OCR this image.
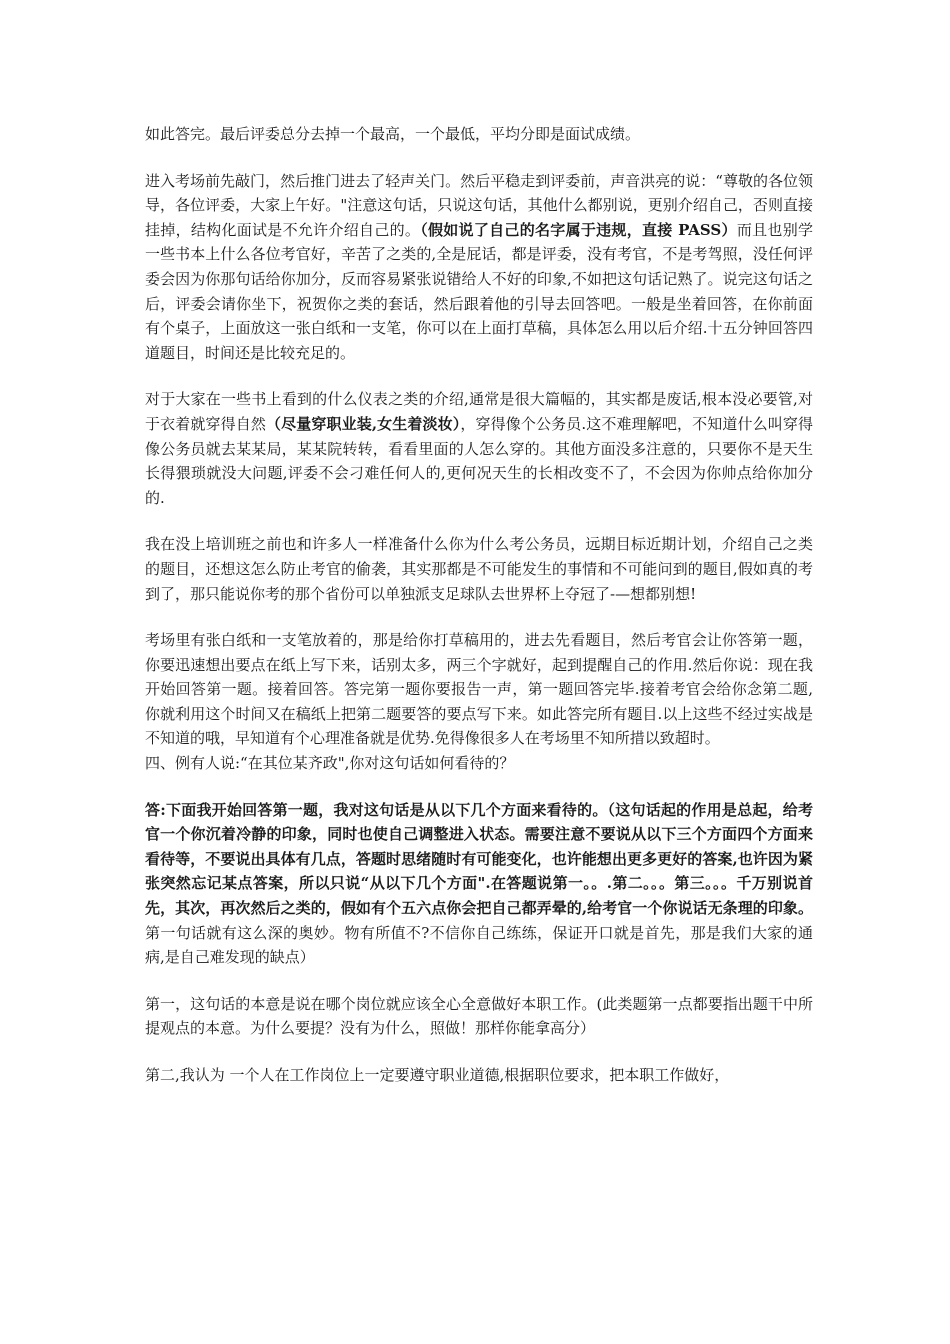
如此答完。最后评委总分去掉一个最高，一个最低，平均分即是面试成绩。

进入考场前先敲门，然后推门进去了轻声关门。然后平稳走到评委前，声音洪亮的说：“尊敬的各位领导，各位评委，大家上午好。"注意这句话，只说这句话，其他什么都别说，更别介绍自己，否则直接挂掉，结构化面试是不允许介绍自己的。（假如说了自己的名字属于违规，直接 PASS）而且也别学一些书本上什么各位考官好，辛苦了之类的,全是屁话，都是评委，没有考官，不是考驾照，没任何评委会因为你那句话给你加分，反而容易紧张说错给人不好的印象,不如把这句话记熟了。说完这句话之后，评委会请你坐下，祝贺你之类的套话，然后跟着他的引导去回答吧。一般是坐着回答，在你前面有个桌子，上面放这一张白纸和一支笔，你可以在上面打草稿，具体怎么用以后介绍.十五分钟回答四道题目，时间还是比较充足的。

对于大家在一些书上看到的什么仪表之类的介绍,通常是很大篇幅的，其实都是废话,根本没必要管,对于衣着就穿得自然（尽量穿职业装,女生着淡妆），穿得像个公务员.这不难理解吧，不知道什么叫穿得像公务员就去某某局，某某院转转，看看里面的人怎么穿的。其他方面没多注意的，只要你不是天生长得猥琐就没大问题,评委不会刁难任何人的,更何况天生的长相改变不了，不会因为你帅点给你加分的.

我在没上培训班之前也和许多人一样准备什么你为什么考公务员，远期目标近期计划，介绍自己之类的题目，还想这怎么防止考官的偷袭，其实那都是不可能发生的事情和不可能问到的题目,假如真的考到了，那只能说你考的那个省份可以单独派支足球队去世界杯上夺冠了-—想都别想!

考场里有张白纸和一支笔放着的，那是给你打草稿用的，进去先看题目，然后考官会让你答第一题，你要迅速想出要点在纸上写下来，话别太多，两三个字就好，起到提醒自己的作用.然后你说：现在我开始回答第一题。接着回答。答完第一题你要报告一声，第一题回答完毕.接着考官会给你念第二题,你就利用这个时间又在稿纸上把第二题要答的要点写下来。如此答完所有题目.以上这些不经过实战是不知道的哦，早知道有个心理准备就是优势.免得像很多人在考场里不知所措以致超时。

四、例有人说:“在其位某齐政",你对这句话如何看待的？

答:下面我开始回答第一题，我对这句话是从以下几个方面来看待的。（这句话起的作用是总起，给考官一个你沉着冷静的印象，同时也使自己调整进入状态。需要注意不要说从以下三个方面四个方面来看待等，不要说出具体有几点，答题时思绪随时有可能变化，也许能想出更多更好的答案,也许因为紧张突然忘记某点答案，所以只说“从以下几个方面".在答题说第一。。.第二。。。第三。。。千万别说首先，其次，再次然后之类的，假如有个五六点你会把自己都弄晕的,给考官一个你说话无条理的印象。第一句话就有这么深的奥妙。物有所值不?不信你自己练练，保证开口就是首先，那是我们大家的通病,是自己难发现的缺点）

第一，这句话的本意是说在哪个岗位就应该全心全意做好本职工作。(此类题第一点都要指出题干中所提观点的本意。为什么要提？没有为什么，照做！那样你能拿高分）

第二,我认为 一个人在工作岗位上一定要遵守职业道德,根据职位要求，把本职工作做好，
